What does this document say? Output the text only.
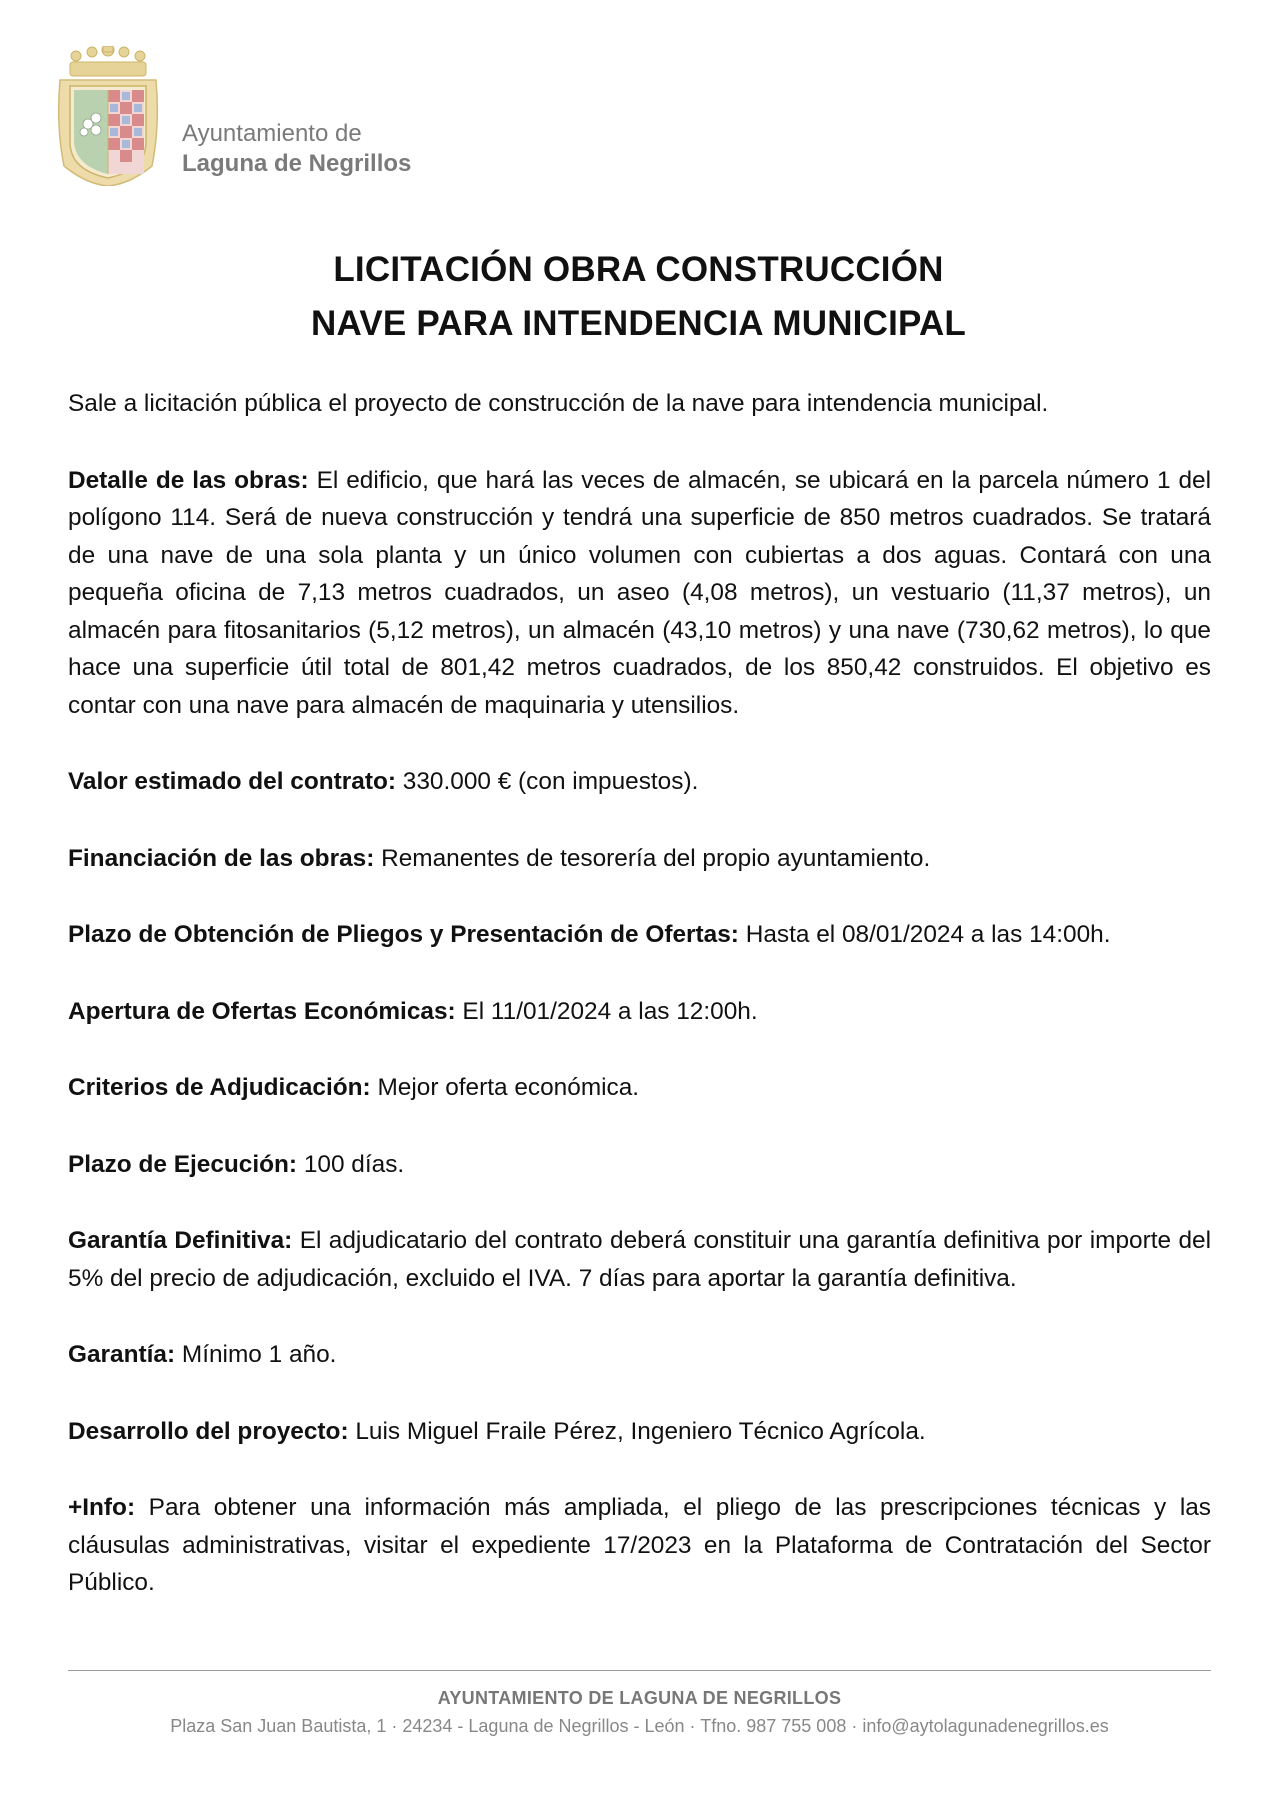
Ayuntamiento de
Laguna de Negrillos
LICITACIÓN OBRA CONSTRUCCIÓN
NAVE PARA INTENDENCIA MUNICIPAL

Sale a licitación pública el proyecto de construcción de la nave para intendencia municipal.

Detalle de las obras: El edificio, que hará las veces de almacén, se ubicará en la parcela número 1 del polígono 114. Será de nueva construcción y tendrá una superficie de 850 metros cuadrados. Se tratará de una nave de una sola planta y un único volumen con cubiertas a dos aguas. Contará con una pequeña oficina de 7,13 metros cuadrados, un aseo (4,08 metros), un vestuario (11,37 metros), un almacén para fitosanitarios (5,12 metros), un almacén (43,10 metros) y una nave (730,62 metros), lo que hace una superficie útil total de 801,42 metros cuadrados, de los 850,42 construidos. El objetivo es contar con una nave para almacén de maquinaria y utensilios.

Valor estimado del contrato: 330.000 € (con impuestos).

Financiación de las obras: Remanentes de tesorería del propio ayuntamiento.

Plazo de Obtención de Pliegos y Presentación de Ofertas: Hasta el 08/01/2024 a las 14:00h.

Apertura de Ofertas Económicas: El 11/01/2024 a las 12:00h.

Criterios de Adjudicación: Mejor oferta económica.

Plazo de Ejecución: 100 días.

Garantía Definitiva: El adjudicatario del contrato deberá constituir una garantía definitiva por importe del 5% del precio de adjudicación, excluido el IVA. 7 días para aportar la garantía definitiva.

Garantía: Mínimo 1 año.

Desarrollo del proyecto: Luis Miguel Fraile Pérez, Ingeniero Técnico Agrícola.

+Info: Para obtener una información más ampliada, el pliego de las prescripciones técnicas y las cláusulas administrativas, visitar el expediente 17/2023 en la Plataforma de Contratación del Sector Público.

AYUNTAMIENTO DE LAGUNA DE NEGRILLOS
Plaza San Juan Bautista, 1 · 24234 - Laguna de Negrillos - León · Tfno. 987 755 008 · info@aytolagunadenegrillos.es
